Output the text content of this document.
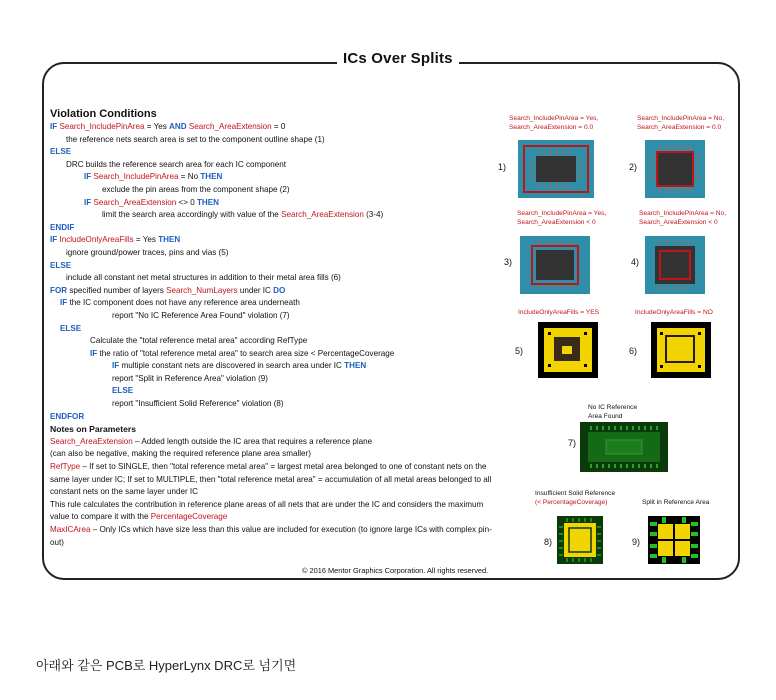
ICs Over Splits
Violation Conditions
IF Search_IncludePinArea = Yes AND Search_AreaExtension = 0
the reference nets search area is set to the component outline shape (1)
ELSE
DRC builds the reference search area for each IC component
IF Search_IncludePinArea = No THEN
exclude the pin areas from the component shape (2)
IF Search_AreaExtension <> 0 THEN
limit the search area accordingly with value of the Search_AreaExtension (3-4)
ENDIF
IF IncludeOnlyAreaFills = Yes THEN
ignore ground/power traces, pins and vias (5)
ELSE
include all constant net metal structures in addition to their metal area fills (6)
FOR specified number of layers Search_NumLayers under IC DO
IF the IC component does not have any reference area underneath
report "No IC Reference Area Found" violation (7)
ELSE
Calculate the "total reference metal area" according RefType
IF the ratio of "total reference metal area" to search area size < PercentageCoverage
IF multiple constant nets are discovered in search area under IC THEN
report "Split in Reference Area" violation (9)
ELSE
report "Insufficient Solid Reference" violation (8)
ENDFOR
Notes on Parameters
Search_AreaExtension – Added length outside the IC area that requires a reference plane
(can also be negative, making the required reference plane area smaller)
RefType – If set to SINGLE, then "total reference metal area" = largest metal area belonged to one of constant nets on the same layer under IC; If set to MULTIPLE, then "total reference metal area" = accumulation of all metal areas belonged to all constant nets on the same layer under IC
This rule calculates the contribution in reference plane areas of all nets that are under the IC and considers the maximum value to compare it with the PercentageCoverage
MaxICArea – Only ICs which have size less than this value are included for execution (to ignore large ICs with complex pin-out)
© 2016 Mentor Graphics Corporation. All rights reserved.
아래와 같은 PCB로 HyperLynx DRC로 넘기면
Search_IncludePinArea = Yes,
Search_AreaExtension = 0.0
Search_IncludePinArea = No,
Search_AreaExtension = 0.0
1)	2)
Search_IncludePinArea = Yes,
Search_AreaExtension < 0
Search_IncludePinArea = No,
Search_AreaExtension < 0
3)	4)
IncludeOnlyAreaFills = YES	IncludeOnlyAreaFills = NO
5)	6)
No IC Reference
Area Found
7)
Insufficient Solid Reference
(< PercentageCoverage)	Split in Reference Area
8)	9)
